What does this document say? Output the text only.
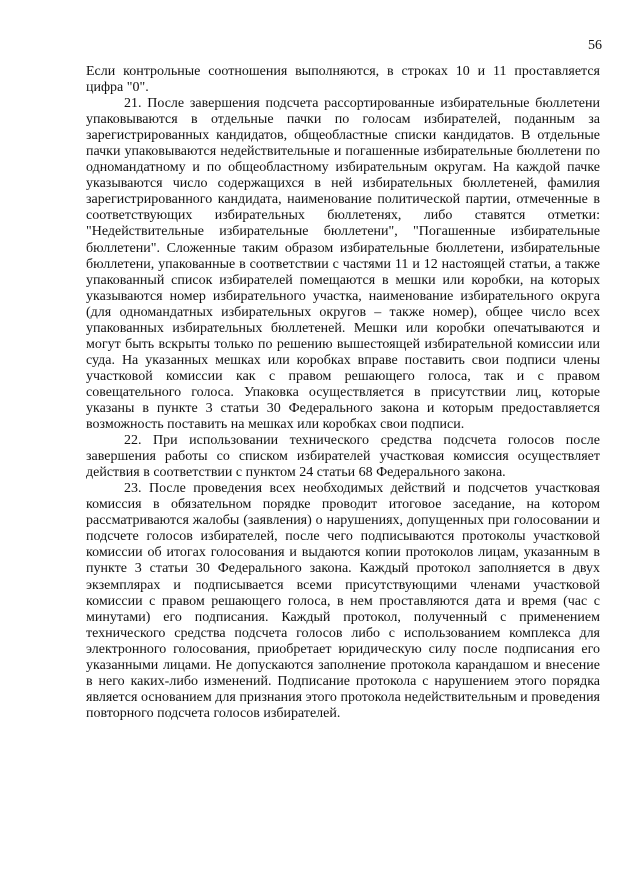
56

Если контрольные соотношения выполняются, в строках 10 и 11 проставляется цифра "0".

21. После завершения подсчета рассортированные избирательные бюллетени упаковываются в отдельные пачки по голосам избирателей, поданным за зарегистрированных кандидатов, общеобластные списки кандидатов. В отдельные пачки упаковываются недействительные и погашенные избирательные бюллетени по одномандатному и по общеобластному избирательным округам. На каждой пачке указываются число содержащихся в ней избирательных бюллетеней, фамилия зарегистрированного кандидата, наименование политической партии, отмеченные в соответствующих избирательных бюллетенях, либо ставятся отметки: "Недействительные избирательные бюллетени", "Погашенные избирательные бюллетени". Сложенные таким образом избирательные бюллетени, избирательные бюллетени, упакованные в соответствии с частями 11 и 12 настоящей статьи, а также упакованный список избирателей помещаются в мешки или коробки, на которых указываются номер избирательного участка, наименование избирательного округа (для одномандатных избирательных округов – также номер), общее число всех упакованных избирательных бюллетеней. Мешки или коробки опечатываются и могут быть вскрыты только по решению вышестоящей избирательной комиссии или суда. На указанных мешках или коробках вправе поставить свои подписи члены участковой комиссии как с правом решающего голоса, так и с правом совещательного голоса. Упаковка осуществляется в присутствии лиц, которые указаны в пункте 3 статьи 30 Федерального закона и которым предоставляется возможность поставить на мешках или коробках свои подписи.

22. При использовании технического средства подсчета голосов после завершения работы со списком избирателей участковая комиссия осуществляет действия в соответствии с пунктом 24 статьи 68 Федерального закона.

23. После проведения всех необходимых действий и подсчетов участковая комиссия в обязательном порядке проводит итоговое заседание, на котором рассматриваются жалобы (заявления) о нарушениях, допущенных при голосовании и подсчете голосов избирателей, после чего подписываются протоколы участковой комиссии об итогах голосования и выдаются копии протоколов лицам, указанным в пункте 3 статьи 30 Федерального закона. Каждый протокол заполняется в двух экземплярах и подписывается всеми присутствующими членами участковой комиссии с правом решающего голоса, в нем проставляются дата и время (час с минутами) его подписания. Каждый протокол, полученный с применением технического средства подсчета голосов либо с использованием комплекса для электронного голосования, приобретает юридическую силу после подписания его указанными лицами. Не допускаются заполнение протокола карандашом и внесение в него каких-либо изменений. Подписание протокола с нарушением этого порядка является основанием для признания этого протокола недействительным и проведения повторного подсчета голосов избирателей.
